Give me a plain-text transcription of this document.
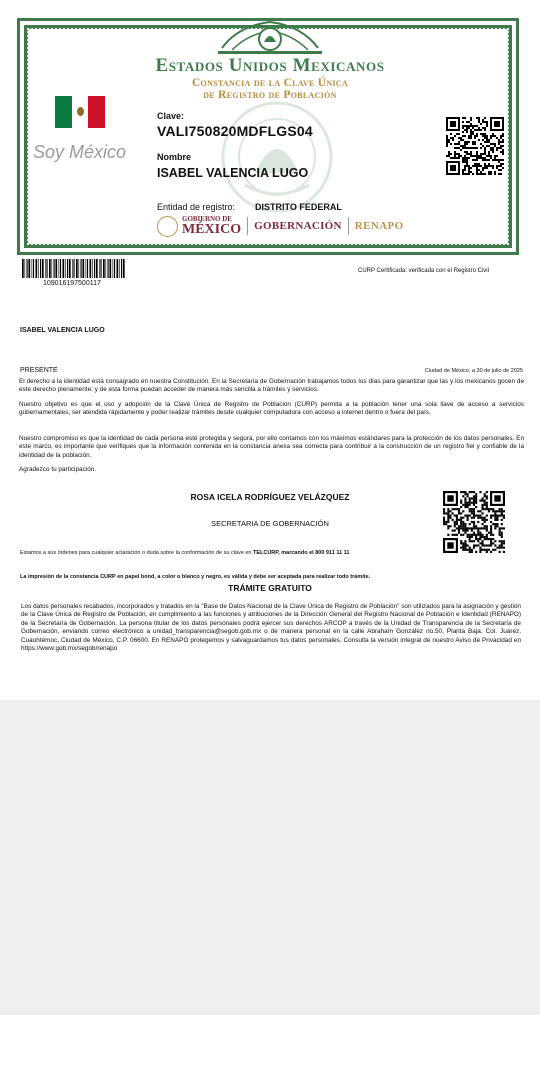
Estados Unidos Mexicanos
Constancia de la Clave Única
de Registro de Población
Soy México
Clave:
VALI750820MDFLGS04
Nombre
ISABEL VALENCIA LUGO
Entidad de registro: DISTRITO FEDERAL
GOBIERNO DE
MÉXICO GOBERNACIÓN RENAPO
109016197500117
CURP Certificada: verificada con el Registro Civil
ISABEL VALENCIA LUGO
PRESENTE	Ciudad de México, a 30 de julio de 2025
El derecho a la identidad está consagrado en nuestra Constitución. En la Secretaría de Gobernación trabajamos todos los días para garantizar que las y los mexicanos gocen de este derecho plenamente; y de esta forma puedan acceder de manera más sencilla a trámites y servicios.
Nuestro objetivo es que el uso y adopción de la Clave Única de Registro de Población (CURP) permita a la población tener una sola llave de acceso a servicios gubernamentales, ser atendida rápidamente y poder realizar trámites desde cualquier computadora con acceso a internet dentro o fuera del país.
Nuestro compromiso es que la identidad de cada persona esté protegida y segura, por ello contamos con los máximos estándares para la protección de los datos personales. En este marco, es importante que verifiques que la información contenida en la constancia anexa sea correcta para contribuir a la construcción de un registro fiel y confiable de la identidad de la población.
Agradezco tu participación.
ROSA ICELA RODRÍGUEZ VELÁZQUEZ
SECRETARIA DE GOBERNACIÓN
Estamos a sus órdenes para cualquier aclaración o duda sobre la conformación de su clave en TELCURP, marcando el 800 911 11 11
La impresión de la constancia CURP en papel bond, a color o blanco y negro, es válida y debe ser aceptada para realizar todo trámite.
TRÁMITE GRATUITO
Los datos personales recabados, incorporados y tratados en la "Base de Datos Nacional de la Clave Única de Registro de Población" son utilizados para la asignación y gestión de la Clave Única de Registro de Población, en cumplimiento a las funciones y atribuciones de la Dirección General del Registro Nacional de Población e Identidad (RENAPO) de la Secretaría de Gobernación. La persona titular de los datos personales podrá ejercer sus derechos ARCOP a través de la Unidad de Transparencia de la Secretaría de Gobernación, enviando correo electrónico a unidad_transparencia@segob.gob.mx o de manera personal en la calle Abraham González no.50, Planta Baja, Col. Juárez, Cuauhtémoc, Ciudad de México, C.P. 06600. En RENAPO protegemos y salvaguardamos tus datos personales. Consulta la versión integral de nuestro Aviso de Privacidad en https://www.gob.mx/segob/renapo
